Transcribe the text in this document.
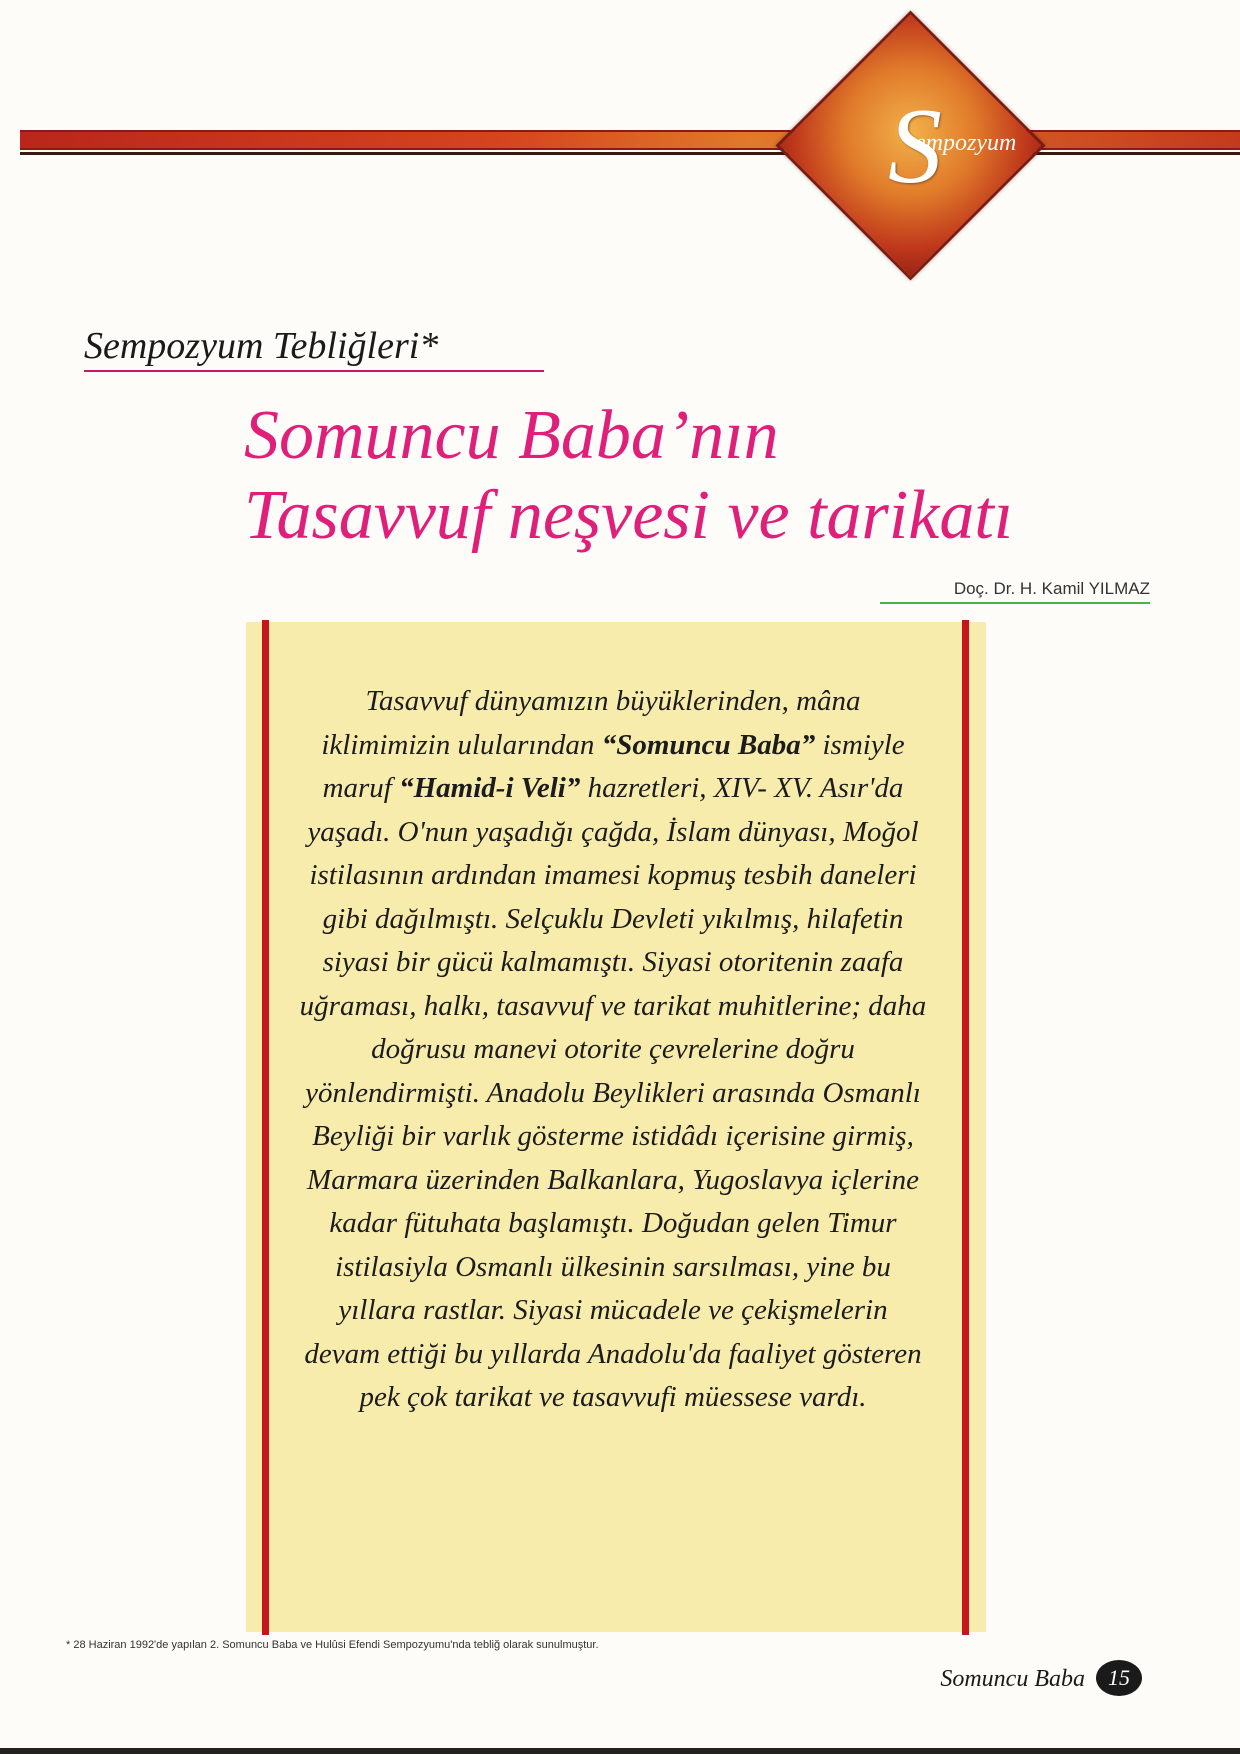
S
empozyum
Sempozyum Tebliğleri*
Somuncu Baba’nın
Tasavvuf neşvesi ve tarikatı
Doç. Dr. H. Kamil YILMAZ

Tasavvuf dünyamızın büyüklerinden, mâna iklimimizin ulularından “Somuncu Baba” ismiyle maruf “Hamid-i Veli” hazretleri, XIV- XV. Asır'da yaşadı. O'nun yaşadığı çağda, İslam dünyası, Moğol istilasının ardından imamesi kopmuş tesbih daneleri gibi dağılmıştı. Selçuklu Devleti yıkılmış, hilafetin siyasi bir gücü kalmamıştı. Siyasi otoritenin zaafa uğraması, halkı, tasavvuf ve tarikat muhitlerine; daha doğrusu manevi otorite çevrelerine doğru yönlendirmişti. Anadolu Beylikleri arasında Osmanlı Beyliği bir varlık gösterme istidâdı içerisine girmiş, Marmara üzerinden Balkanlara, Yugoslavya içlerine kadar fütuhata başlamıştı. Doğudan gelen Timur istilasiyla Osmanlı ülkesinin sarsılması, yine bu yıllara rastlar. Siyasi mücadele ve çekişmelerin devam ettiği bu yıllarda Anadolu'da faaliyet gösteren pek çok tarikat ve tasavvufi müessese vardı.

* 28 Haziran 1992'de yapılan 2. Somuncu Baba ve Hulûsi Efendi Sempozyumu'nda tebliğ olarak sunulmuştur.
Somuncu Baba	15
